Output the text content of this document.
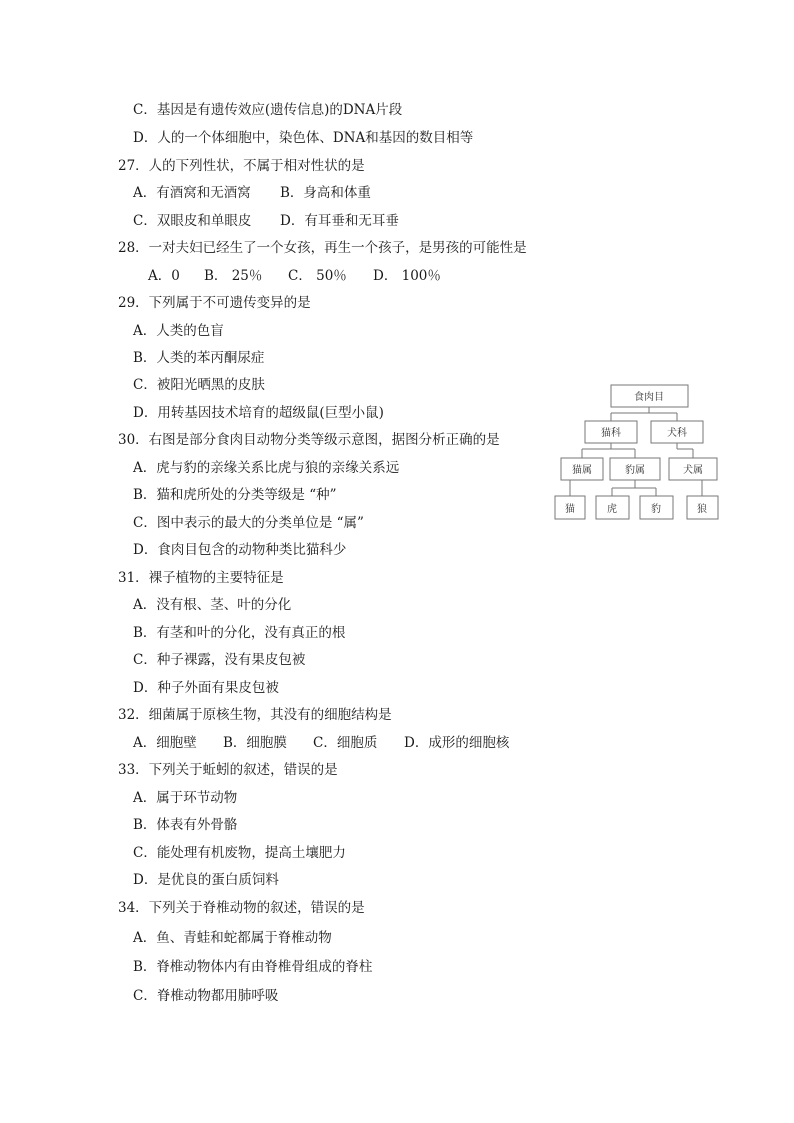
C．基因是有遗传效应(遗传信息)的DNA片段
D．人的一个体细胞中，染色体、DNA和基因的数目相等
27．人的下列性状，不属于相对性状的是
A．有酒窝和无酒窝 B．身高和体重
C．双眼皮和单眼皮 D．有耳垂和无耳垂
28．一对夫妇已经生了一个女孩，再生一个孩子，是男孩的可能性是
A．0 B． 25％ C． 50％ D． 100％
29．下列属于不可遗传变异的是
A．人类的色盲
B．人类的苯丙酮尿症
C．被阳光晒黑的皮肤
D．用转基因技术培育的超级鼠(巨型小鼠)
30．右图是部分食肉目动物分类等级示意图，据图分析正确的是
A．虎与豹的亲缘关系比虎与狼的亲缘关系远
B．猫和虎所处的分类等级是 “种”
C．图中表示的最大的分类单位是 “属”
D．食肉目包含的动物种类比猫科少
食肉目
猫科	犬科
猫属	豹属	犬属
猫	虎	豹	狼
31．裸子植物的主要特征是
A．没有根、茎、叶的分化
B．有茎和叶的分化，没有真正的根
C．种子裸露，没有果皮包被
D．种子外面有果皮包被
32．细菌属于原核生物，其没有的细胞结构是
A．细胞壁 B．细胞膜 C．细胞质 D．成形的细胞核
33．下列关于蚯蚓的叙述，错误的是
A．属于环节动物
B．体表有外骨骼
C．能处理有机废物，提高土壤肥力
D．是优良的蛋白质饲料
34．下列关于脊椎动物的叙述，错误的是
A．鱼、青蛙和蛇都属于脊椎动物
B．脊椎动物体内有由脊椎骨组成的脊柱
C．脊椎动物都用肺呼吸
